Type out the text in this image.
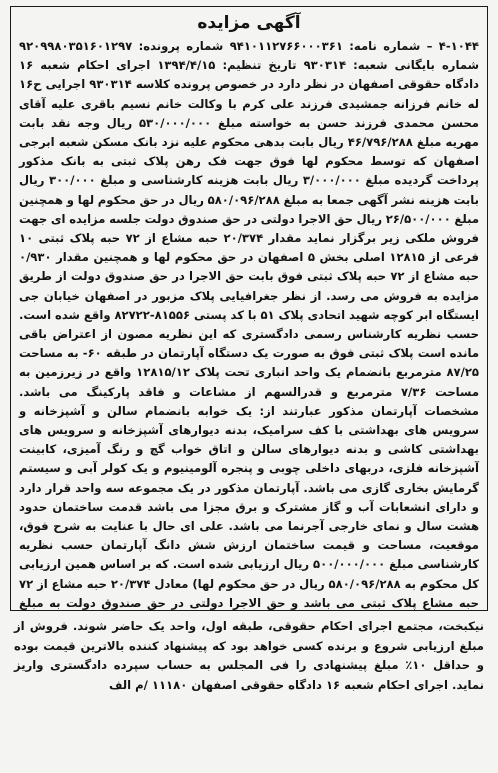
آگهی مزایده
۴-۱۰۴۴ – شماره نامه: ۹۴۱۰۱۱۲۷۶۶۰۰۰۳۶۱ شماره پرونده: ۹۲۰۹۹۸۰۳۵۱۶۰۱۲۹۷ شماره بایگانی شعبه: ۹۳۰۳۱۴ تاریخ تنظیم: ۱۳۹۴/۴/۱۵ اجرای احکام شعبه ۱۶ دادگاه حقوقی اصفهان در نظر دارد در خصوص پرونده کلاسه ۹۳۰۳۱۴ اجرایی ح۱۶ له خانم فرزانه جمشیدی فرزند علی کرم با وکالت خانم نسیم باقری علیه آقای محسن محمدی فرزند حسن به خواسته مبلغ ۵۳۰/۰۰۰/۰۰۰ ریال وجه نقد بابت مهریه مبلغ ۴۶/۷۹۶/۲۸۸ ریال بابت بدهی محکوم علیه نزد بانک مسکن شعبه ابرجی اصفهان که توسط محکوم لها فوق جهت فک رهن پلاک ثبتی به بانک مذکور پرداخت گردیده مبلغ ۳/۰۰۰/۰۰۰ ریال بابت هزینه کارشناسی و مبلغ ۳۰۰/۰۰۰ ریال بابت هزینه نشر آگهی جمعا به مبلغ ۵۸۰/۰۹۶/۲۸۸ ریال در حق محکوم لها و همچنین مبلغ ۲۶/۵۰۰/۰۰۰ ریال حق الاجرا دولتی در حق صندوق دولت جلسه مزایده ای جهت فروش ملکی زیر برگزار نماید مقدار ۲۰/۳۷۴ حبه مشاع از ۷۲ حبه پلاک ثبتی ۱۰ فرعی از ۱۲۸۱۵ اصلی بخش ۵ اصفهان در حق محکوم لها و همچنین مقدار ۰/۹۳۰ حبه مشاع از ۷۲ حبه پلاک ثبتی فوق بابت حق الاجرا در حق صندوق دولت از طریق مزایده به فروش می رسد. از نظر جغرافیایی پلاک مزبور در اصفهان خیابان جی ایستگاه ابر کوچه شهید اتحادی پلاک ۵۱ با کد پستی ۸۱۵۵۶-۸۲۷۲۲ واقع شده است. حسب نظریه کارشناس رسمی دادگستری که این نظریه مصون از اعتراض باقی مانده است پلاک ثبتی فوق به صورت یک دستگاه آپارتمان در طبقه ۶۰- به مساحت ۸۷/۲۵ مترمربع بانضمام یک واحد انباری تحت پلاک ۱۲۸۱۵/۱۲ واقع در زیرزمین به مساحت ۷/۳۶ مترمربع و قدرالسهم از مشاعات و فاقد پارکینگ می باشد. مشخصات آپارتمان مذکور عبارتند از: یک خوابه بانضمام سالن و آشپزخانه و سرویس های بهداشتی با کف سرامیک، بدنه دیوارهای آشپزخانه و سرویس های بهداشتی کاشی و بدنه دیوارهای سالن و اتاق خواب گچ و رنگ آمیزی، کابینت آشپزخانه فلزی، دربهای داخلی چوبی و پنجره آلومینیوم و یک کولر آبی و سیستم گرمایش بخاری گازی می باشد. آپارتمان مذکور در یک مجموعه سه واحد قرار دارد و دارای انشعابات آب و گاز مشترک و برق مجزا می باشد قدمت ساختمان حدود هشت سال و نمای خارجی آجرنما می باشد. علی ای حال با عنایت به شرح فوق، موقعیت، مساحت و قیمت ساختمان ارزش شش دانگ آپارتمان حسب نظریه کارشناسی مبلغ ۵۰۰/۰۰۰/۰۰۰ ریال ارزیابی شده است. که بر اساس همین ارزیابی کل محکوم به ۵۸۰/۰۹۶/۲۸۸ ریال در حق محکوم لها) معادل ۲۰/۳۷۴ حبه مشاع از ۷۲ حبه مشاع پلاک ثبتی می باشد و حق الاجرا دولتی در حق صندوق دولت به مبلغ
نیکبخت، مجتمع اجرای احکام حقوقی، طبقه اول، واحد یک حاضر شوند. فروش از مبلغ ارزیابی شروع و برنده کسی خواهد بود که پیشنهاد کننده بالاترین قیمت بوده و حداقل ۱۰٪ مبلغ پیشنهادی را فی المجلس به حساب سپرده دادگستری واریز نماید. اجرای احکام شعبه ۱۶ دادگاه حقوقی اصفهان ۱۱۱۸۰ /م الف
